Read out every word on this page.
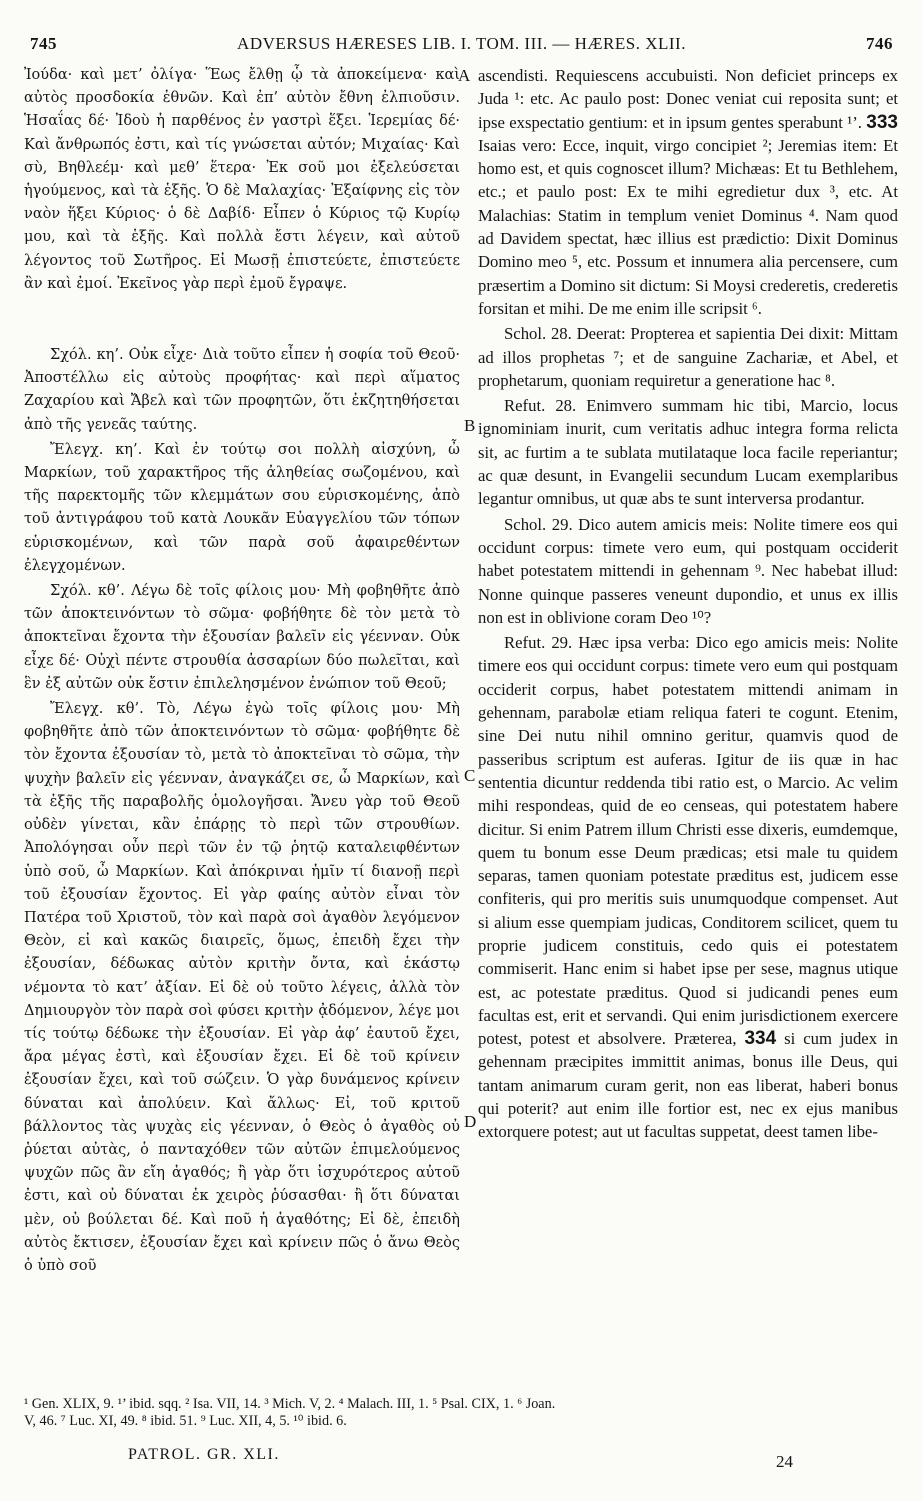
745	ADVERSUS HÆRESES LIB. I. TOM. III. — HÆRES. XLII.	746
A
B
C
D

Ἰούδα· καὶ μετ’ ὀλίγα· Ἕως ἔλθῃ ᾧ τὰ ἀποκείμενα· καὶ αὐτὸς προσδοκία ἐθνῶν. Καὶ ἐπ’ αὐτὸν ἔθνη ἐλπιοῦσιν. Ἡσαΐας δέ· Ἰδοὺ ἡ παρθένος ἐν γαστρὶ ἕξει. Ἱερεμίας δέ· Καὶ ἄνθρωπός ἐστι, καὶ τίς γνώσεται αὐτόν; Μιχαίας· Καὶ σὺ, Βηθλεέμ· καὶ μεθ’ ἕτερα· Ἐκ σοῦ μοι ἐξελεύσεται ἡγούμενος, καὶ τὰ ἑξῆς. Ὁ δὲ Μαλαχίας· Ἐξαίφνης εἰς τὸν ναὸν ἥξει Κύριος· ὁ δὲ Δαβίδ· Εἶπεν ὁ Κύριος τῷ Κυρίῳ μου, καὶ τὰ ἑξῆς. Καὶ πολλὰ ἔστι λέγειν, καὶ αὐτοῦ λέγοντος τοῦ Σωτῆρος. Εἰ Μωσῇ ἐπιστεύετε, ἐπιστεύετε ἂν καὶ ἐμοί. Ἐκεῖνος γὰρ περὶ ἐμοῦ ἔγραψε.

Σχόλ. κη’. Οὐκ εἶχε· Διὰ τοῦτο εἶπεν ἡ σοφία τοῦ Θεοῦ· Ἀποστέλλω εἰς αὐτοὺς προφήτας· καὶ περὶ αἵματος Ζαχαρίου καὶ Ἄβελ καὶ τῶν προφητῶν, ὅτι ἐκζητηθήσεται ἀπὸ τῆς γενεᾶς ταύτης.

Ἔλεγχ. κη’. Καὶ ἐν τούτῳ σοι πολλὴ αἰσχύνη, ὦ Μαρκίων, τοῦ χαρακτῆρος τῆς ἀληθείας σωζομένου, καὶ τῆς παρεκτομῆς τῶν κλεμμάτων σου εὑρισκομένης, ἀπὸ τοῦ ἀντιγράφου τοῦ κατὰ Λουκᾶν Εὐαγγελίου τῶν τόπων εὑρισκομένων, καὶ τῶν παρὰ σοῦ ἀφαιρεθέντων ἐλεγχομένων.

Σχόλ. κθ’. Λέγω δὲ τοῖς φίλοις μου· Μὴ φοβηθῆτε ἀπὸ τῶν ἀποκτεινόντων τὸ σῶμα· φοβήθητε δὲ τὸν μετὰ τὸ ἀποκτεῖναι ἔχοντα τὴν ἐξουσίαν βαλεῖν εἰς γέενναν. Οὐκ εἶχε δέ· Οὐχὶ πέντε στρουθία ἀσσαρίων δύο πωλεῖται, καὶ ἓν ἐξ αὐτῶν οὐκ ἔστιν ἐπιλελησμένον ἐνώπιον τοῦ Θεοῦ;

Ἔλεγχ. κθ’. Τὸ, Λέγω ἐγὼ τοῖς φίλοις μου· Μὴ φοβηθῆτε ἀπὸ τῶν ἀποκτεινόντων τὸ σῶμα· φοβήθητε δὲ τὸν ἔχοντα ἐξουσίαν τὸ, μετὰ τὸ ἀποκτεῖναι τὸ σῶμα, τὴν ψυχὴν βαλεῖν εἰς γέενναν, ἀναγκάζει σε, ὦ Μαρκίων, καὶ τὰ ἑξῆς τῆς παραβολῆς ὁμολογῆσαι. Ἄνευ γὰρ τοῦ Θεοῦ οὐδὲν γίνεται, κἂν ἐπάρῃς τὸ περὶ τῶν στρουθίων. Ἀπολόγησαι οὖν περὶ τῶν ἐν τῷ ῥητῷ καταλειφθέντων ὑπὸ σοῦ, ὦ Μαρκίων. Καὶ ἀπόκριναι ἡμῖν τί διανοῇ περὶ τοῦ ἐξουσίαν ἔχοντος. Εἰ γὰρ φαίης αὐτὸν εἶναι τὸν Πατέρα τοῦ Χριστοῦ, τὸν καὶ παρὰ σοὶ ἀγαθὸν λεγόμενον Θεὸν, εἰ καὶ κακῶς διαιρεῖς, ὅμως, ἐπειδὴ ἔχει τὴν ἐξουσίαν, δέδωκας αὐτὸν κριτὴν ὄντα, καὶ ἑκάστῳ νέμοντα τὸ κατ’ ἀξίαν. Εἰ δὲ οὐ τοῦτο λέγεις, ἀλλὰ τὸν Δημιουργὸν τὸν παρὰ σοὶ φύσει κριτὴν ᾀδόμενον, λέγε μοι τίς τούτῳ δέδωκε τὴν ἐξουσίαν. Εἰ γὰρ ἀφ’ ἑαυτοῦ ἔχει, ἄρα μέγας ἐστὶ, καὶ ἐξουσίαν ἔχει. Εἰ δὲ τοῦ κρίνειν ἐξουσίαν ἔχει, καὶ τοῦ σώζειν. Ὁ γὰρ δυνάμενος κρίνειν δύναται καὶ ἀπολύειν. Καὶ ἄλλως· Εἰ, τοῦ κριτοῦ βάλλοντος τὰς ψυχὰς εἰς γέενναν, ὁ Θεὸς ὁ ἀγαθὸς οὐ ῥύεται αὐτὰς, ὁ πανταχόθεν τῶν αὐτῶν ἐπιμελούμενος ψυχῶν πῶς ἂν εἴη ἀγαθός; ἢ γὰρ ὅτι ἰσχυρότερος αὐτοῦ ἐστι, καὶ οὐ δύναται ἐκ χειρὸς ῥύσασθαι· ἢ ὅτι δύναται μὲν, οὐ βούλεται δέ. Καὶ ποῦ ἡ ἀγαθότης; Εἰ δὲ, ἐπειδὴ αὐτὸς ἔκτισεν, ἐξουσίαν ἔχει καὶ κρίνειν πῶς ὁ ἄνω Θεὸς ὁ ὑπὸ σοῦ

ascendisti. Requiescens accubuisti. Non deficiet princeps ex Juda ¹: etc. Ac paulo post: Donec veniat cui reposita sunt; et ipse exspectatio gentium: et in ipsum gentes sperabunt ¹’. 333 Isaias vero: Ecce, inquit, virgo concipiet ²; Jeremias item: Et homo est, et quis cognoscet illum? Michæas: Et tu Bethlehem, etc.; et paulo post: Ex te mihi egredietur dux ³, etc. At Malachias: Statim in templum veniet Dominus ⁴. Nam quod ad Davidem spectat, hæc illius est prædictio: Dixit Dominus Domino meo ⁵, etc. Possum et innumera alia percensere, cum præsertim a Domino sit dictum: Si Moysi crederetis, crederetis forsitan et mihi. De me enim ille scripsit ⁶.

Schol. 28. Deerat: Propterea et sapientia Dei dixit: Mittam ad illos prophetas ⁷; et de sanguine Zachariæ, et Abel, et prophetarum, quoniam requiretur a generatione hac ⁸.

Refut. 28. Enimvero summam hic tibi, Marcio, locus ignominiam inurit, cum veritatis adhuc integra forma relicta sit, ac furtim a te sublata mutilataque loca facile reperiantur; ac quæ desunt, in Evangelii secundum Lucam exemplaribus legantur omnibus, ut quæ abs te sunt interversa prodantur.

Schol. 29. Dico autem amicis meis: Nolite timere eos qui occidunt corpus: timete vero eum, qui postquam occiderit habet potestatem mittendi in gehennam ⁹. Nec habebat illud: Nonne quinque passeres veneunt dupondio, et unus ex illis non est in oblivione coram Deo ¹⁰?

Refut. 29. Hæc ipsa verba: Dico ego amicis meis: Nolite timere eos qui occidunt corpus: timete vero eum qui postquam occiderit corpus, habet potestatem mittendi animam in gehennam, parabolæ etiam reliqua fateri te cogunt. Etenim, sine Dei nutu nihil omnino geritur, quamvis quod de passeribus scriptum est auferas. Igitur de iis quæ in hac sententia dicuntur reddenda tibi ratio est, o Marcio. Ac velim mihi respondeas, quid de eo censeas, qui potestatem habere dicitur. Si enim Patrem illum Christi esse dixeris, eumdemque, quem tu bonum esse Deum prædicas; etsi male tu quidem separas, tamen quoniam potestate præditus est, judicem esse confiteris, qui pro meritis suis unumquodque compenset. Aut si alium esse quempiam judicas, Conditorem scilicet, quem tu proprie judicem constituis, cedo quis ei potestatem commiserit. Hanc enim si habet ipse per sese, magnus utique est, ac potestate præditus. Quod si judicandi penes eum facultas est, erit et servandi. Qui enim jurisdictionem exercere potest, potest et absolvere. Præterea, 334 si cum judex in gehennam præcipites immittit animas, bonus ille Deus, qui tantam animarum curam gerit, non eas liberat, haberi bonus qui poterit? aut enim ille fortior est, nec ex ejus manibus extorquere potest; aut ut facultas suppetat, deest tamen libe-

¹ Gen. XLIX, 9. ¹’ ibid. sqq. ² Isa. VII, 14. ³ Mich. V, 2. ⁴ Malach. III, 1. ⁵ Psal. CIX, 1. ⁶ Joan.
V, 46. ⁷ Luc. XI, 49. ⁸ ibid. 51. ⁹ Luc. XII, 4, 5. ¹⁰ ibid. 6.
PATROL. GR. XLI.	24
